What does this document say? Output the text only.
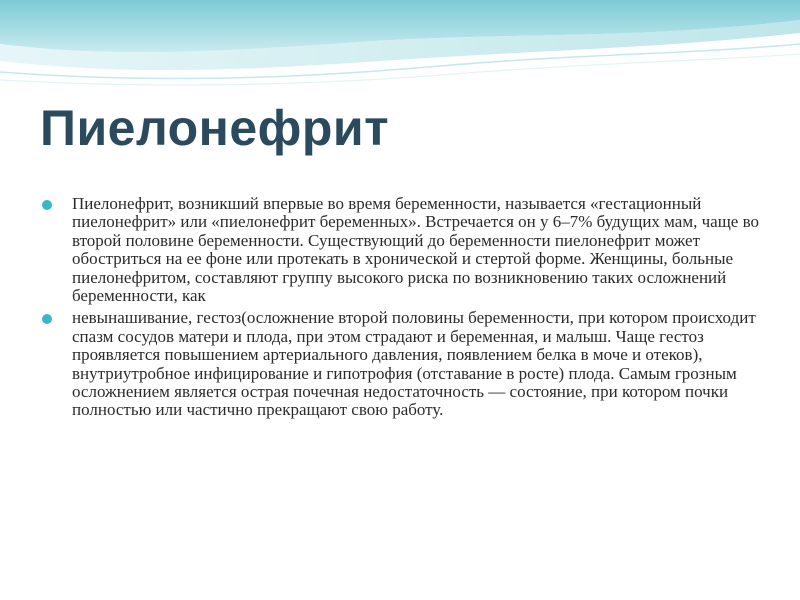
Пиелонефрит
Пиелонефрит, возникший впервые во время беременности, называется «гестационный пиелонефрит» или «пиелонефрит беременных». Встречается он у 6–7% будущих мам, чаще во второй половине беременности. Существующий до беременности пиелонефрит может обостриться на ее фоне или протекать в хронической и стертой форме. Женщины, больные пиелонефритом, составляют группу высокого риска по возникновению таких осложнений беременности, как
невынашивание, гестоз(осложнение второй половины беременности, при котором происходит спазм сосудов матери и плода, при этом страдают и беременная, и малыш. Чаще гестоз проявляется повышением артериального давления, появлением белка в моче и отеков), внутриутробное инфицирование и гипотрофия (отставание в росте) плода. Самым грозным осложнением является острая почечная недостаточность — состояние, при котором почки полностью или частично прекращают свою работу.
